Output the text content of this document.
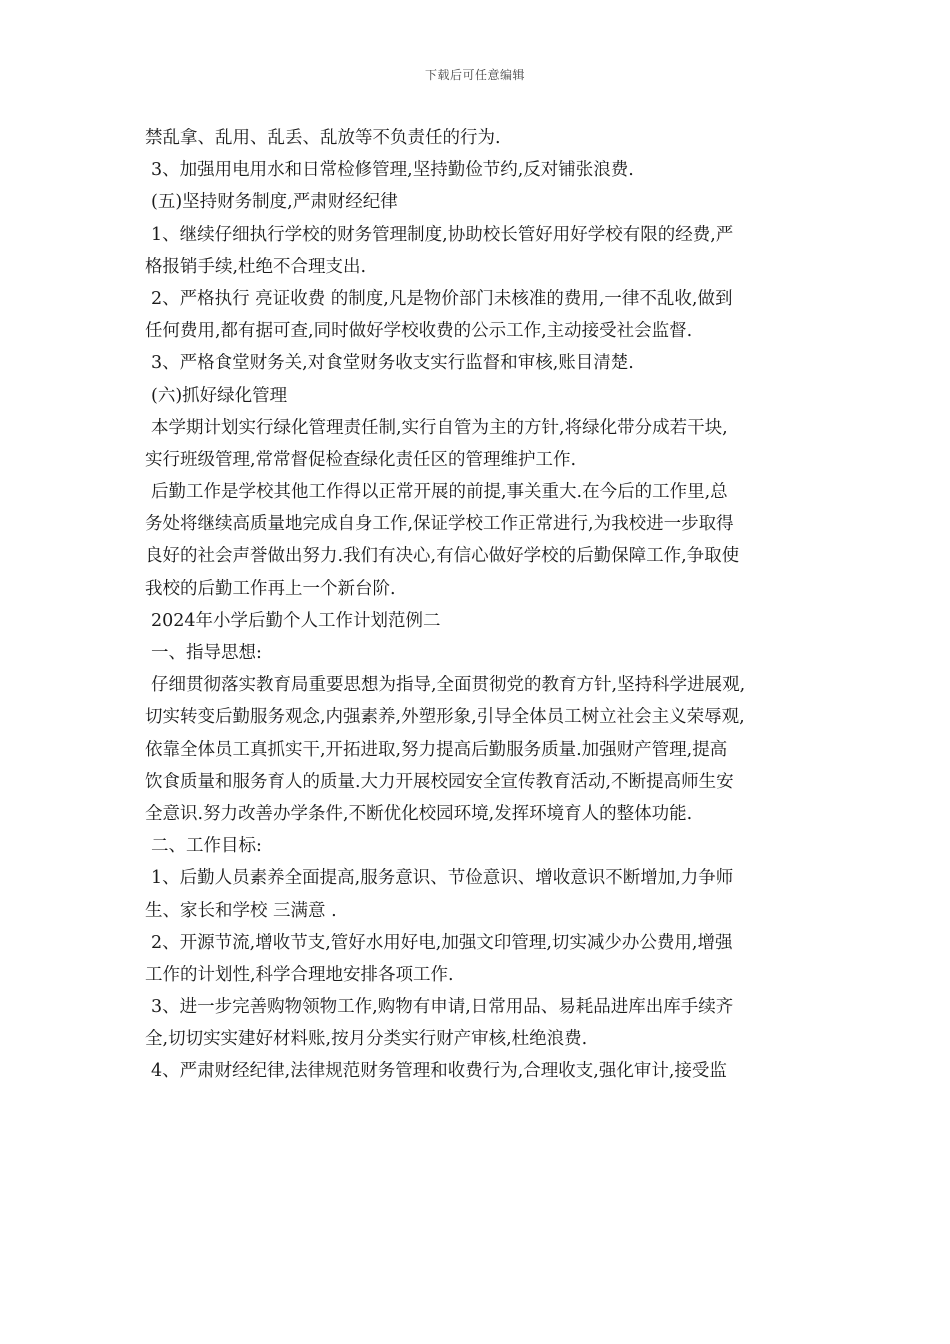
下载后可任意编辑
禁乱拿、乱用、乱丢、乱放等不负责任的行为.
3、加强用电用水和日常检修管理,坚持勤俭节约,反对铺张浪费.
(五)坚持财务制度,严肃财经纪律
1、继续仔细执行学校的财务管理制度,协助校长管好用好学校有限的经费,严
格报销手续,杜绝不合理支出.
2、严格执行 亮证收费 的制度,凡是物价部门未核准的费用,一律不乱收,做到
任何费用,都有据可查,同时做好学校收费的公示工作,主动接受社会监督.
3、严格食堂财务关,对食堂财务收支实行监督和审核,账目清楚.
(六)抓好绿化管理
本学期计划实行绿化管理责任制,实行自管为主的方针,将绿化带分成若干块,
实行班级管理,常常督促检查绿化责任区的管理维护工作.
后勤工作是学校其他工作得以正常开展的前提,事关重大.在今后的工作里,总
务处将继续高质量地完成自身工作,保证学校工作正常进行,为我校进一步取得
良好的社会声誉做出努力.我们有决心,有信心做好学校的后勤保障工作,争取使
我校的后勤工作再上一个新台阶.
2024年小学后勤个人工作计划范例二
一、指导思想:
仔细贯彻落实教育局重要思想为指导,全面贯彻党的教育方针,坚持科学进展观,
切实转变后勤服务观念,内强素养,外塑形象,引导全体员工树立社会主义荣辱观,
依靠全体员工真抓实干,开拓进取,努力提高后勤服务质量.加强财产管理,提高
饮食质量和服务育人的质量.大力开展校园安全宣传教育活动,不断提高师生安
全意识.努力改善办学条件,不断优化校园环境,发挥环境育人的整体功能.
二、工作目标:
1、后勤人员素养全面提高,服务意识、节俭意识、增收意识不断增加,力争师
生、家长和学校 三满意 .
2、开源节流,增收节支,管好水用好电,加强文印管理,切实减少办公费用,增强
工作的计划性,科学合理地安排各项工作.
3、进一步完善购物领物工作,购物有申请,日常用品、易耗品进库出库手续齐
全,切切实实建好材料账,按月分类实行财产审核,杜绝浪费.
4、严肃财经纪律,法律规范财务管理和收费行为,合理收支,强化审计,接受监
